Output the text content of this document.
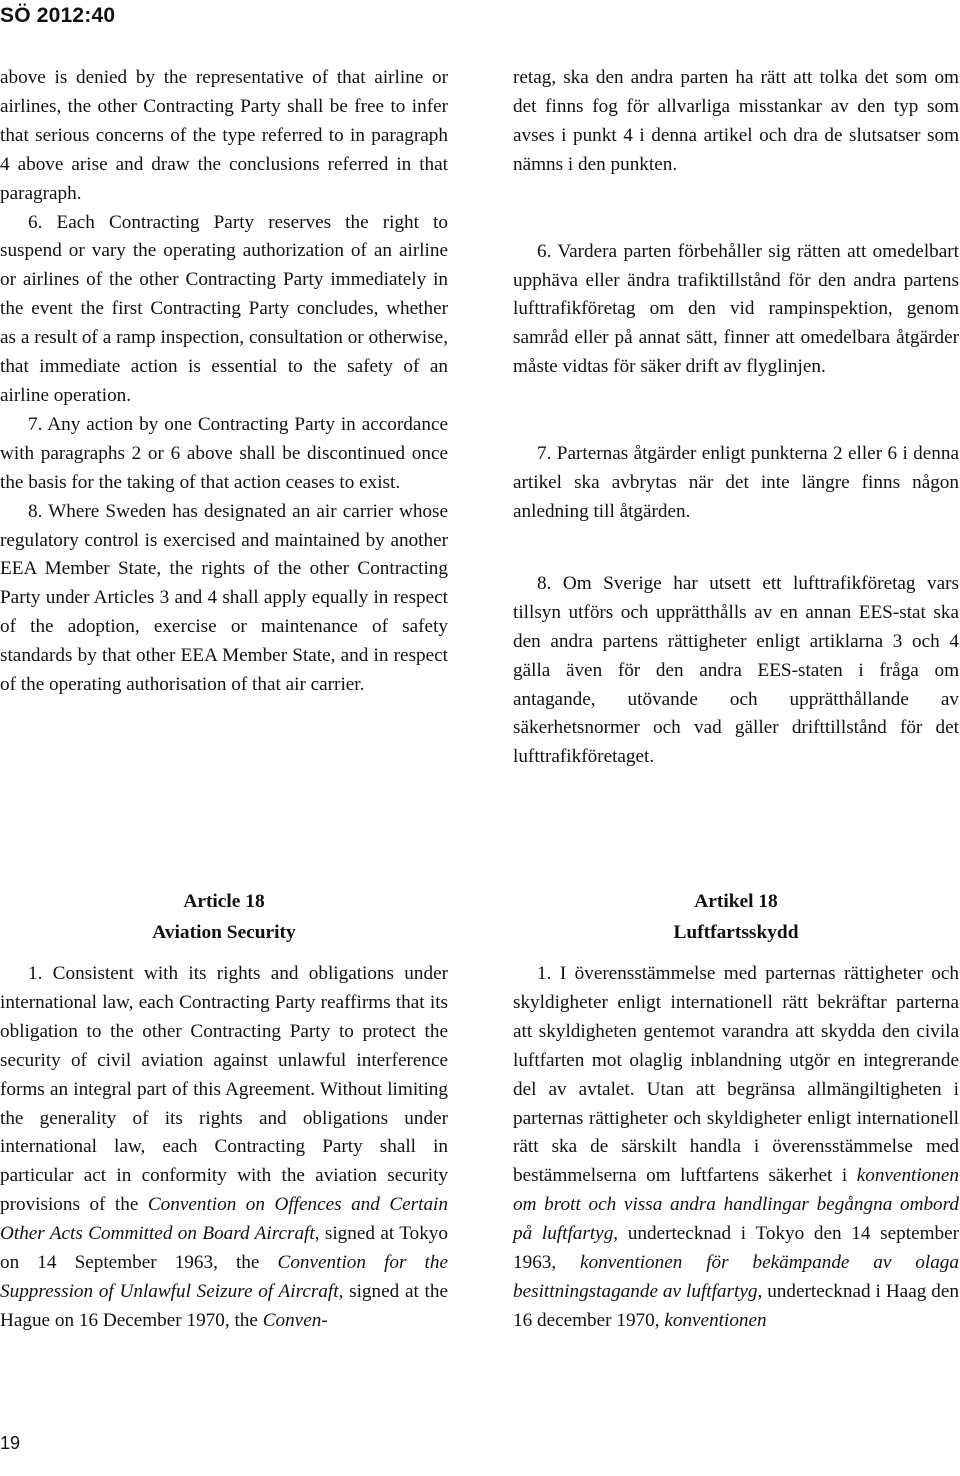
SÖ 2012:40

above is denied by the representative of that airline or airlines, the other Contracting Party shall be free to infer that serious concerns of the type referred to in paragraph 4 above arise and draw the conclusions referred in that paragraph.

6. Each Contracting Party reserves the right to suspend or vary the operating authorization of an airline or airlines of the other Contracting Party immediately in the event the first Contracting Party concludes, whether as a result of a ramp inspection, consultation or otherwise, that immediate action is essential to the safety of an airline operation.

7. Any action by one Contracting Party in accordance with paragraphs 2 or 6 above shall be discontinued once the basis for the taking of that action ceases to exist.

8. Where Sweden has designated an air carrier whose regulatory control is exercised and maintained by another EEA Member State, the rights of the other Contracting Party under Articles 3 and 4 shall apply equally in respect of the adoption, exercise or maintenance of safety standards by that other EEA Member State, and in respect of the operating authorisation of that air carrier.

retag, ska den andra parten ha rätt att tolka det som om det finns fog för allvarliga misstankar av den typ som avses i punkt 4 i denna artikel och dra de slutsatser som nämns i den punkten.

6. Vardera parten förbehåller sig rätten att omedelbart upphäva eller ändra trafiktillstånd för den andra partens lufttrafikföretag om den vid rampinspektion, genom samråd eller på annat sätt, finner att omedelbara åtgärder måste vidtas för säker drift av flyglinjen.

7. Parternas åtgärder enligt punkterna 2 eller 6 i denna artikel ska avbrytas när det inte längre finns någon anledning till åtgärden.

8. Om Sverige har utsett ett lufttrafikföretag vars tillsyn utförs och upprätthålls av en annan EES-stat ska den andra partens rättigheter enligt artiklarna 3 och 4 gälla även för den andra EES-staten i fråga om antagande, utövande och upprätthållande av säkerhetsnormer och vad gäller drifttillstånd för det lufttrafikföretaget.

Article 18
Aviation Security
Artikel 18
Luftfartsskydd

1. Consistent with its rights and obligations under international law, each Contracting Party reaffirms that its obligation to the other Contracting Party to protect the security of civil aviation against unlawful interference forms an integral part of this Agreement. Without limiting the generality of its rights and obligations under international law, each Contracting Party shall in particular act in conformity with the aviation security provisions of the Convention on Offences and Certain Other Acts Committed on Board Aircraft, signed at Tokyo on 14 September 1963, the Convention for the Suppression of Unlawful Seizure of Aircraft, signed at the Hague on 16 December 1970, the Conven-

1. I överensstämmelse med parternas rättigheter och skyldigheter enligt internationell rätt bekräftar parterna att skyldigheten gentemot varandra att skydda den civila luftfarten mot olaglig inblandning utgör en integrerande del av avtalet. Utan att begränsa allmängiltigheten i parternas rättigheter och skyldigheter enligt internationell rätt ska de särskilt handla i överensstämmelse med bestämmelserna om luftfartens säkerhet i konventionen om brott och vissa andra handlingar begångna ombord på luftfartyg, undertecknad i Tokyo den 14 september 1963, konventionen för bekämpande av olaga besittningstagande av luftfartyg, undertecknad i Haag den 16 december 1970, konventionen

19
